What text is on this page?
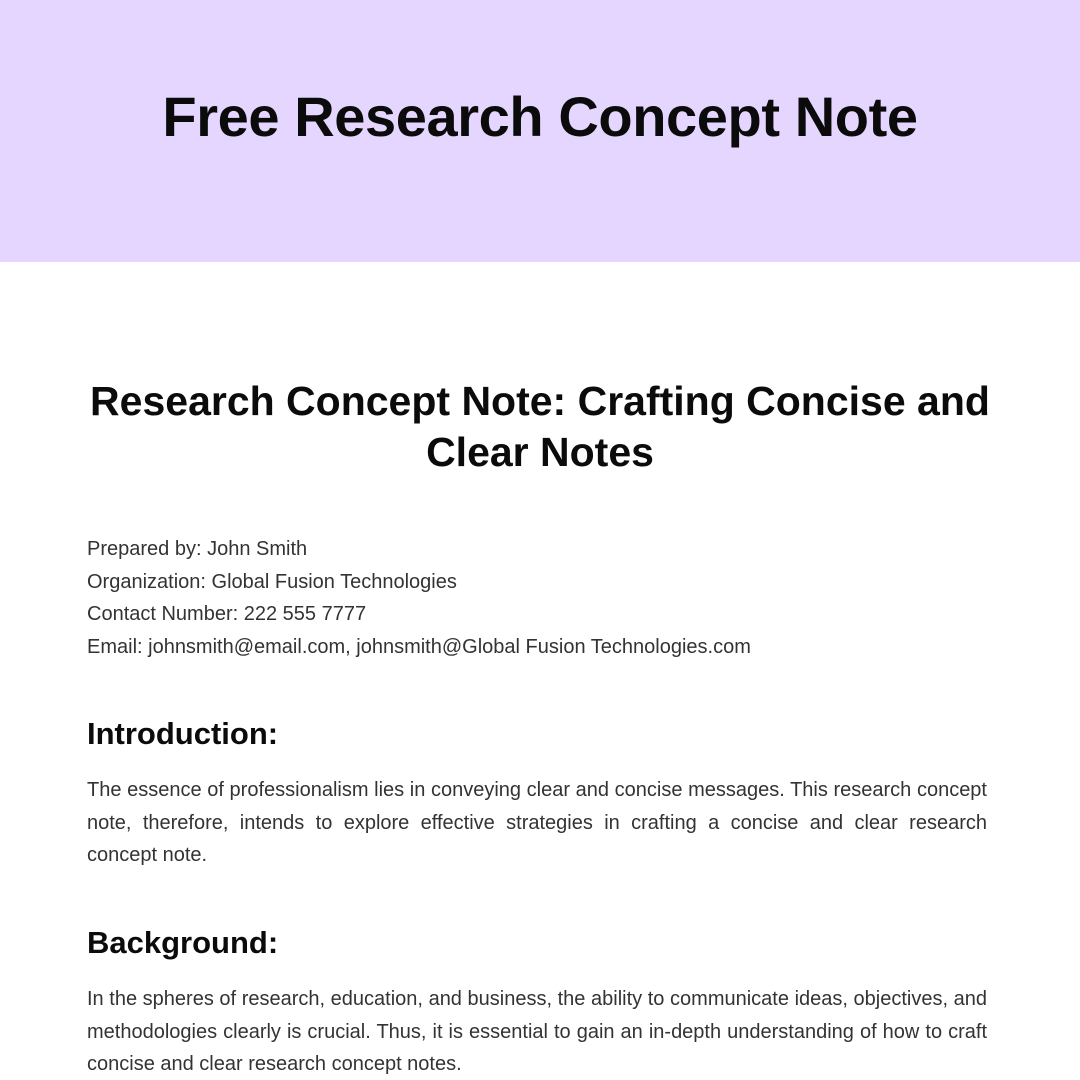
Free Research Concept Note
Research Concept Note: Crafting Concise and Clear Notes

Prepared by: John Smith

Organization: Global Fusion Technologies

Contact Number: 222 555 7777

Email: johnsmith@email.com, johnsmith@Global Fusion Technologies.com

Introduction:

The essence of professionalism lies in conveying clear and concise messages. This research concept note, therefore, intends to explore effective strategies in crafting a concise and clear research concept note.

Background:

In the spheres of research, education, and business, the ability to communicate ideas, objectives, and methodologies clearly is crucial. Thus, it is essential to gain an in-depth understanding of how to craft concise and clear research concept notes.
